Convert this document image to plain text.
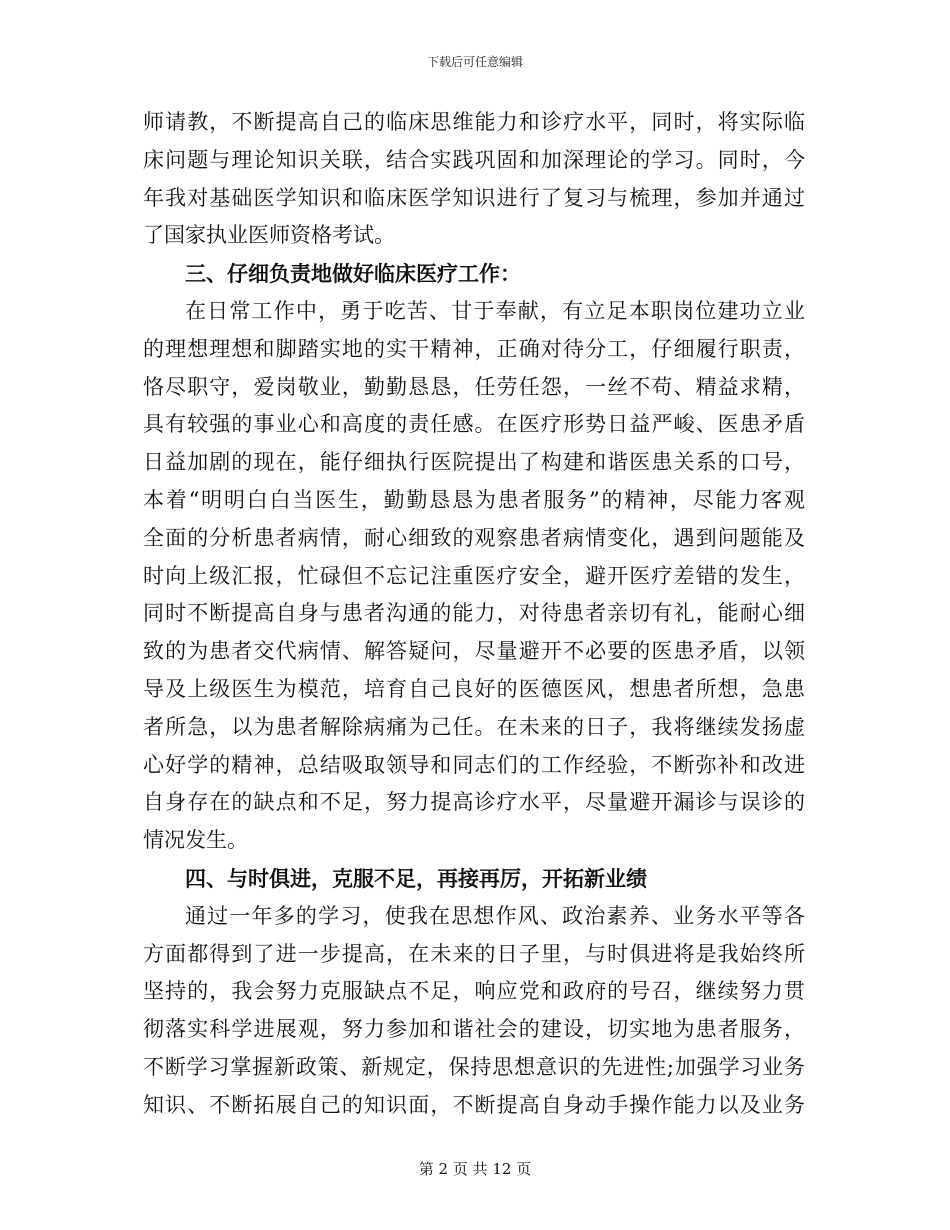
下载后可任意编辑
师请教，不断提高自己的临床思维能力和诊疗水平，同时，将实际临
床问题与理论知识关联，结合实践巩固和加深理论的学习。同时，今
年我对基础医学知识和临床医学知识进行了复习与梳理，参加并通过
了国家执业医师资格考试。
三、仔细负责地做好临床医疗工作：
在日常工作中，勇于吃苦、甘于奉献，有立足本职岗位建功立业
的理想理想和脚踏实地的实干精神，正确对待分工，仔细履行职责，
恪尽职守，爱岗敬业，勤勤恳恳，任劳任怨，一丝不苟、精益求精，
具有较强的事业心和高度的责任感。在医疗形势日益严峻、医患矛盾
日益加剧的现在，能仔细执行医院提出了构建和谐医患关系的口号，
本着“明明白白当医生，勤勤恳恳为患者服务”的精神，尽能力客观
全面的分析患者病情，耐心细致的观察患者病情变化，遇到问题能及
时向上级汇报，忙碌但不忘记注重医疗安全，避开医疗差错的发生，
同时不断提高自身与患者沟通的能力，对待患者亲切有礼，能耐心细
致的为患者交代病情、解答疑问，尽量避开不必要的医患矛盾，以领
导及上级医生为模范，培育自己良好的医德医风，想患者所想，急患
者所急，以为患者解除病痛为己任。在未来的日子，我将继续发扬虚
心好学的精神，总结吸取领导和同志们的工作经验，不断弥补和改进
自身存在的缺点和不足，努力提高诊疗水平，尽量避开漏诊与误诊的
情况发生。
四、与时俱进，克服不足，再接再厉，开拓新业绩
通过一年多的学习，使我在思想作风、政治素养、业务水平等各
方面都得到了进一步提高，在未来的日子里，与时俱进将是我始终所
坚持的，我会努力克服缺点不足，响应党和政府的号召，继续努力贯
彻落实科学进展观，努力参加和谐社会的建设，切实地为患者服务，
不断学习掌握新政策、新规定，保持思想意识的先进性;加强学习业务
知识、不断拓展自己的知识面，不断提高自身动手操作能力以及业务
第 2 页 共 12 页
